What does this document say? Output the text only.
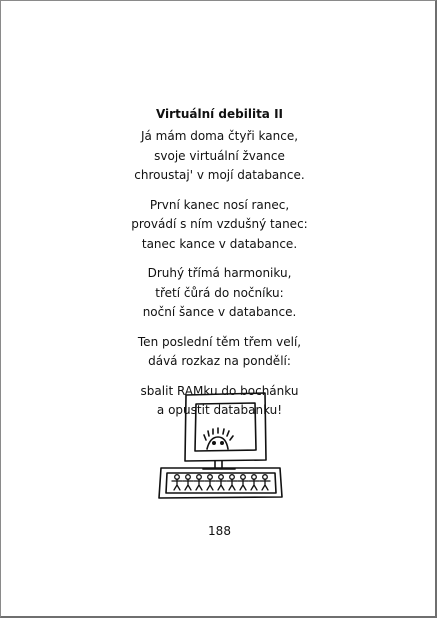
Virtuální debilita II
Já mám doma čtyři kance,
svoje virtuální žvance
chroustaj' v mojí databance.
První kanec nosí ranec,
provádí s ním vzdušný tanec:
tanec kance v databance.
Druhý třímá harmoniku,
třetí čůrá do nočníku:
noční šance v databance.
Ten poslední těm třem velí,
dává rozkaz na pondělí:
sbalit RAMku do bochánku
a opustit databanku!
188
